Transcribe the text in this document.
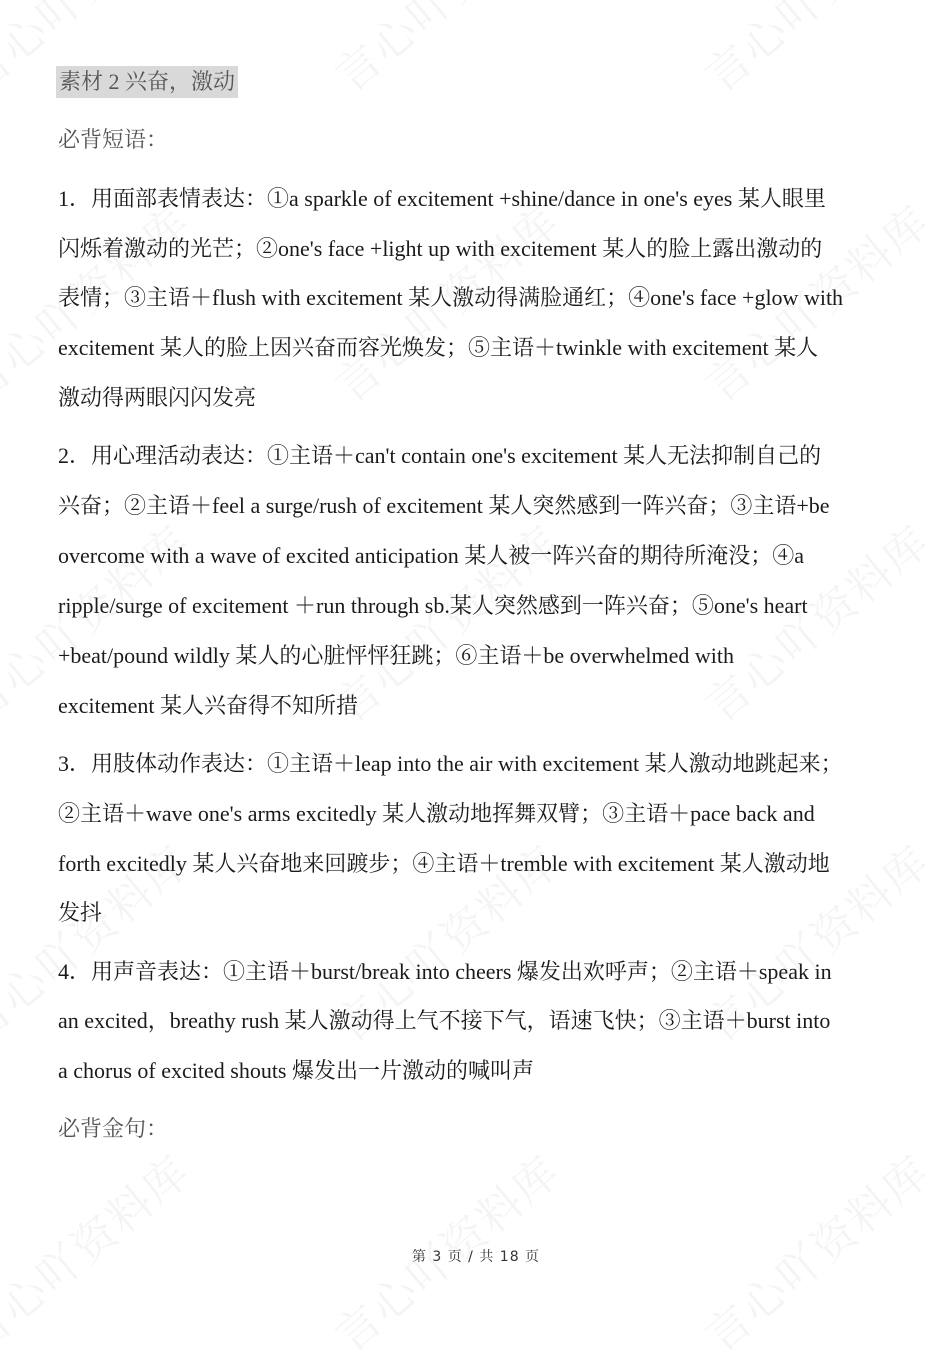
素材 2 兴奋，激动
必背短语：
1．用面部表情表达：①a sparkle of excitement +shine/dance in one's eyes 某人眼里
闪烁着激动的光芒；②one's face +light up with excitement 某人的脸上露出激动的
表情；③主语＋flush with excitement 某人激动得满脸通红；④one's face +glow with
excitement 某人的脸上因兴奋而容光焕发；⑤主语＋twinkle with excitement 某人
激动得两眼闪闪发亮
2．用心理活动表达：①主语＋can't contain one's excitement 某人无法抑制自己的
兴奋；②主语＋feel a surge/rush of excitement 某人突然感到一阵兴奋；③主语+be
overcome with a wave of excited anticipation 某人被一阵兴奋的期待所淹没；④a
ripple/surge of excitement ＋run through sb.某人突然感到一阵兴奋；⑤one's heart
+beat/pound wildly 某人的心脏怦怦狂跳；⑥主语＋be overwhelmed with
excitement 某人兴奋得不知所措
3．用肢体动作表达：①主语＋leap into the air with excitement 某人激动地跳起来；
②主语＋wave one's arms excitedly 某人激动地挥舞双臂；③主语＋pace back and
forth excitedly 某人兴奋地来回踱步；④主语＋tremble with excitement 某人激动地
发抖
4．用声音表达：①主语＋burst/break into cheers 爆发出欢呼声；②主语＋speak in
an excited，breathy rush 某人激动得上气不接下气，语速飞快；③主语＋burst into
a chorus of excited shouts 爆发出一片激动的喊叫声
必背金句：
第 3 页 / 共 18 页
